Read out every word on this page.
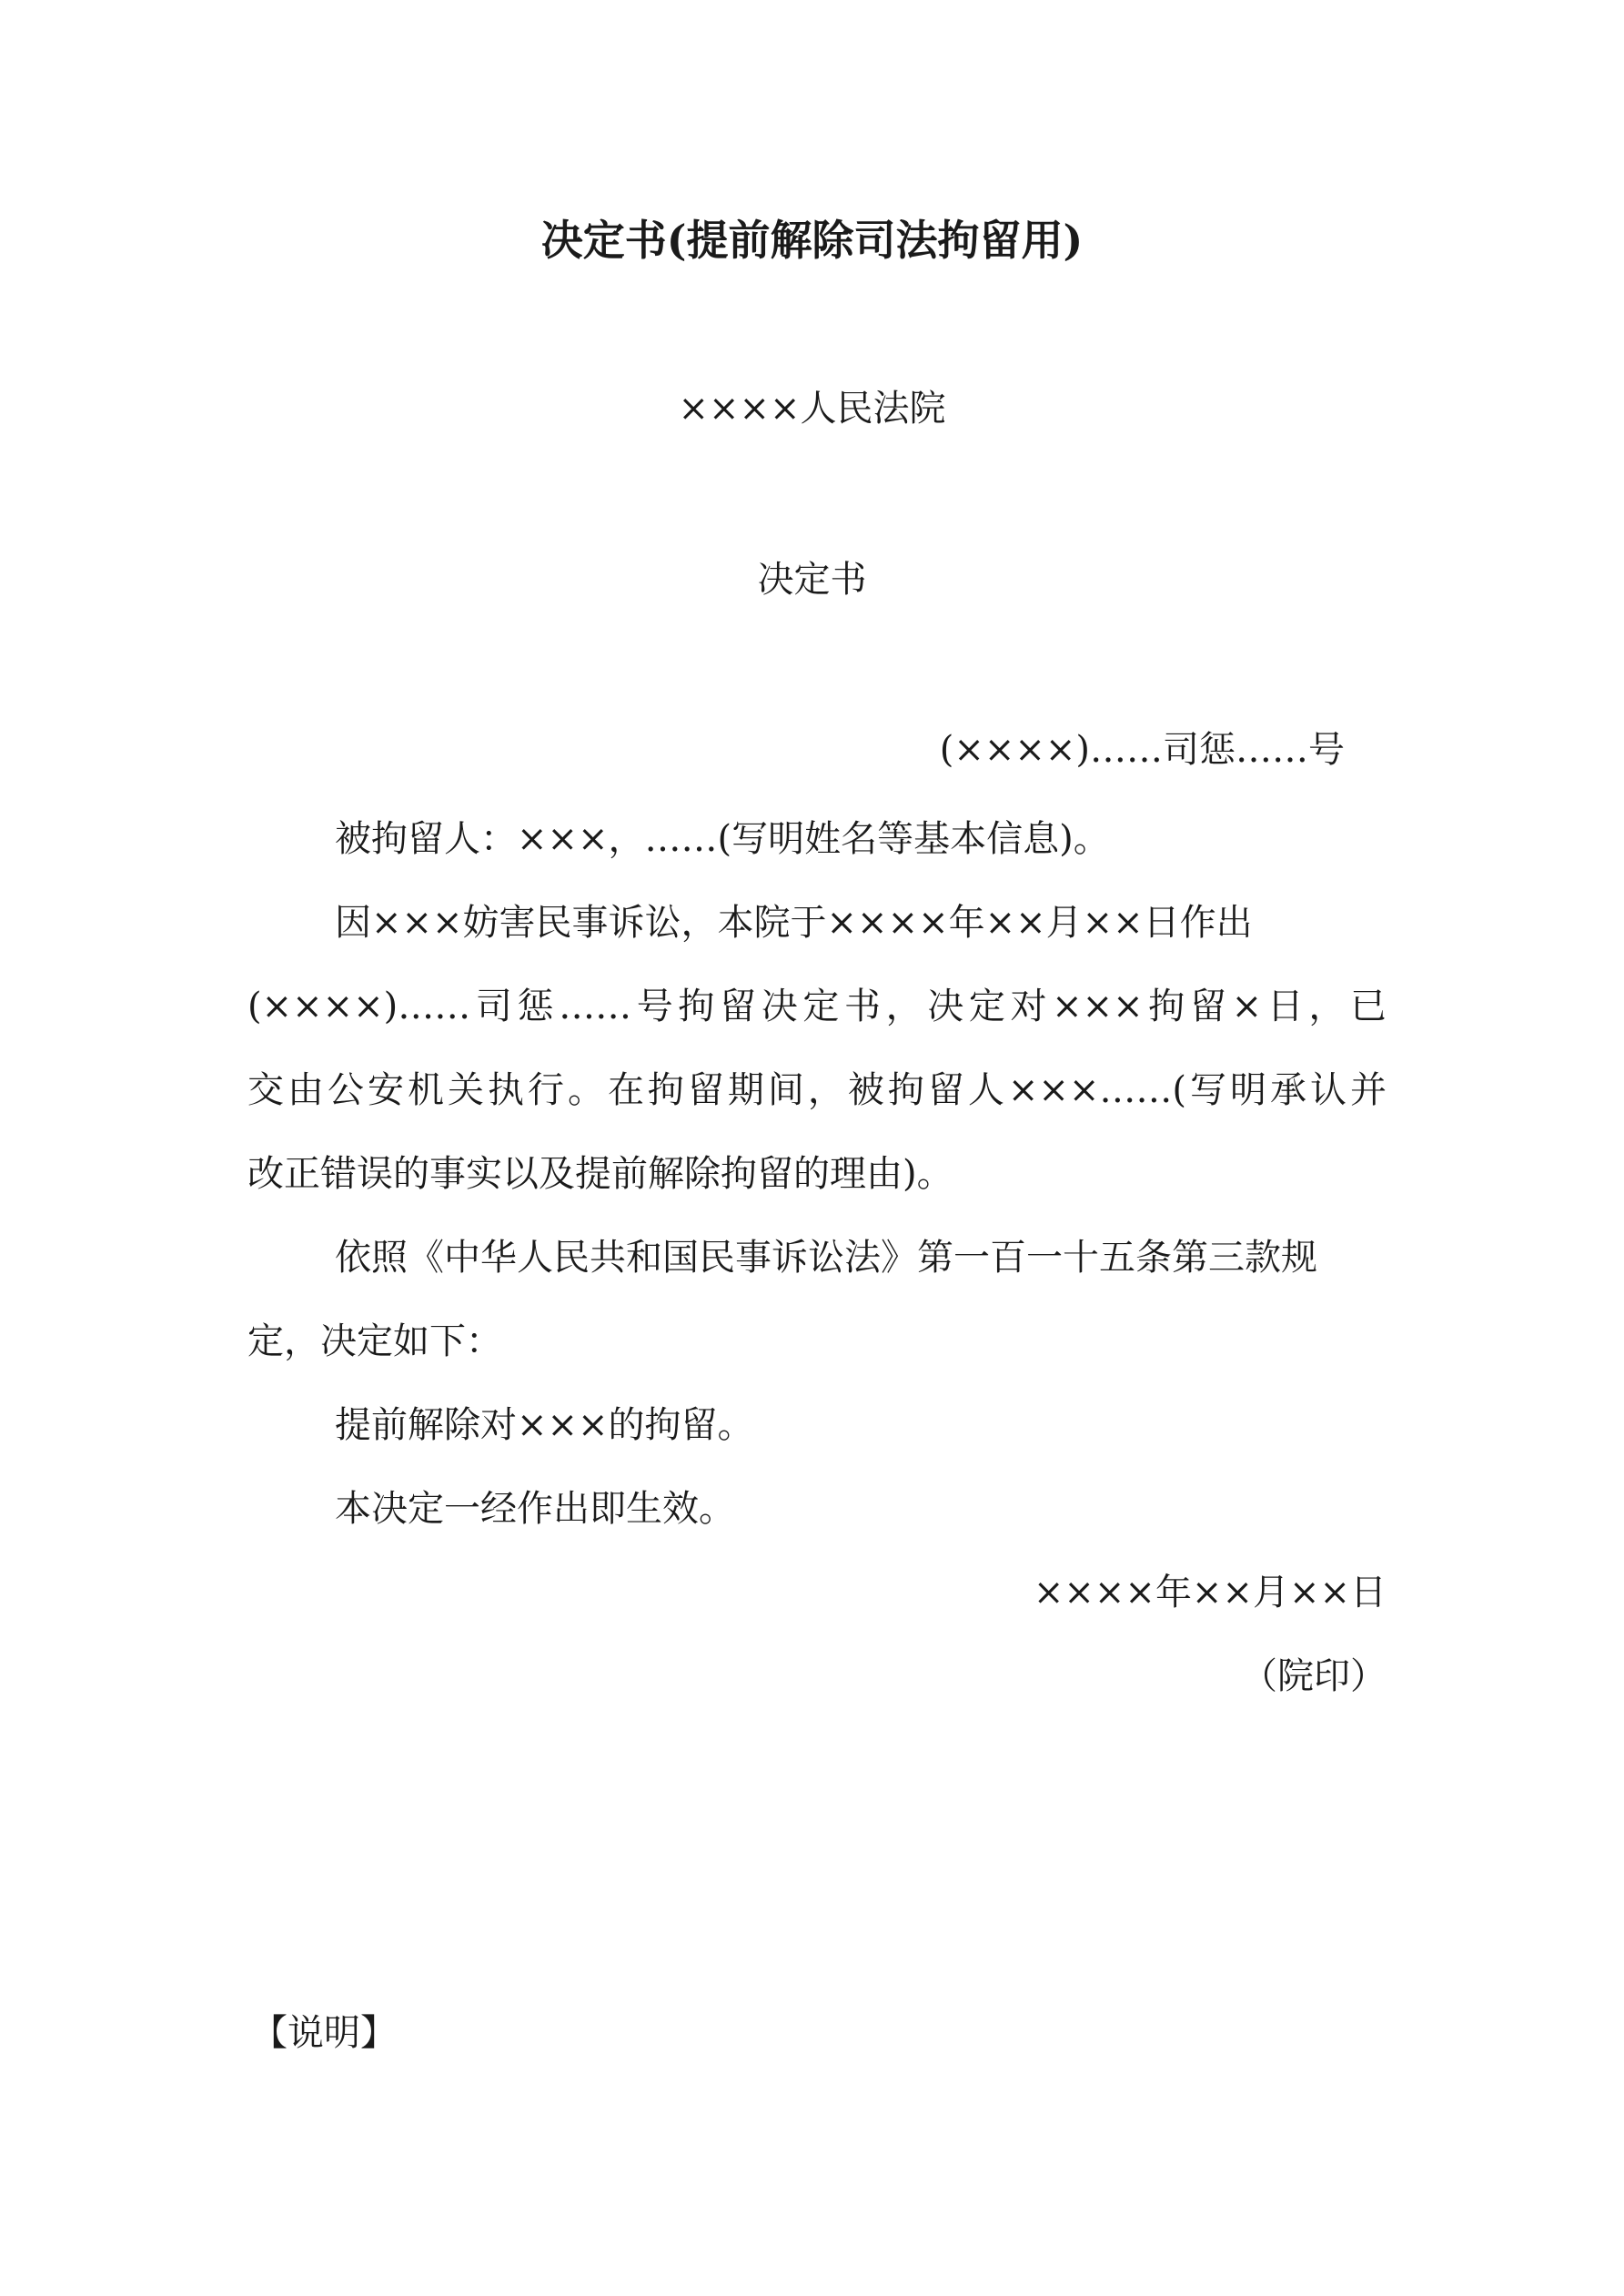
决定书(提前解除司法拘留用)
××××人民法院
决定书
(××××)……司惩……号
被拘留人：×××，……(写明姓名等基本信息)。
因×××妨害民事诉讼，本院于××××年××月××日作出
(××××)……司惩……号拘留决定书，决定对×××拘留×日，已
交由公安机关执行。在拘留期间，被拘留人×××……(写明承认并
改正错误的事实以及提前解除拘留的理由)。
依照《中华人民共和国民事诉讼法》第一百一十五条第三款规
定，决定如下：
提前解除对×××的拘留。
本决定一经作出即生效。
××××年××月××日
（院印）
【说明】
